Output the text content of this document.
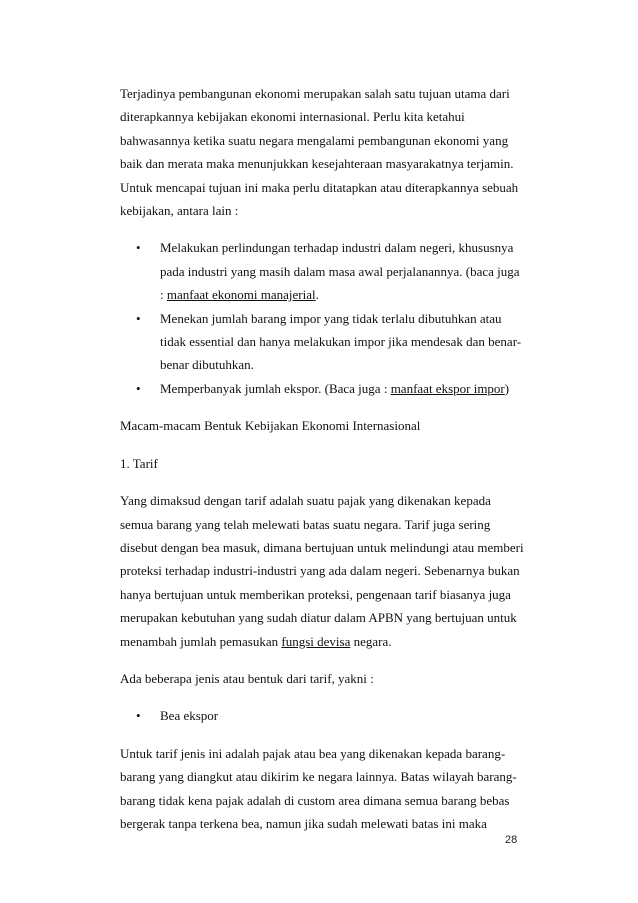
Terjadinya pembangunan ekonomi merupakan salah satu tujuan utama dari diterapkannya kebijakan ekonomi internasional. Perlu kita ketahui bahwasannya ketika suatu negara mengalami pembangunan ekonomi yang baik dan merata maka menunjukkan kesejahteraan masyarakatnya terjamin. Untuk mencapai tujuan ini maka perlu ditatapkan atau diterapkannya sebuah kebijakan, antara lain :

• Melakukan perlindungan terhadap industri dalam negeri, khususnya pada industri yang masih dalam masa awal perjalanannya. (baca juga : manfaat ekonomi manajerial.
• Menekan jumlah barang impor yang tidak terlalu dibutuhkan atau tidak essential dan hanya melakukan impor jika mendesak dan benar-benar dibutuhkan.
• Memperbanyak jumlah ekspor. (Baca juga : manfaat ekspor impor)

Macam-macam Bentuk Kebijakan Ekonomi Internasional

1. Tarif

Yang dimaksud dengan tarif adalah suatu pajak yang dikenakan kepada semua barang yang telah melewati batas suatu negara. Tarif juga sering disebut dengan bea masuk, dimana bertujuan untuk melindungi atau memberi proteksi terhadap industri-industri yang ada dalam negeri. Sebenarnya bukan hanya bertujuan untuk memberikan proteksi, pengenaan tarif biasanya juga merupakan kebutuhan yang sudah diatur dalam APBN yang bertujuan untuk menambah jumlah pemasukan fungsi devisa negara.

Ada beberapa jenis atau bentuk dari tarif, yakni :

• Bea ekspor

Untuk tarif jenis ini adalah pajak atau bea yang dikenakan kepada barang-barang yang diangkut atau dikirim ke negara lainnya. Batas wilayah barang-barang tidak kena pajak adalah di custom area dimana semua barang bebas bergerak tanpa terkena bea, namun jika sudah melewati batas ini maka

28
